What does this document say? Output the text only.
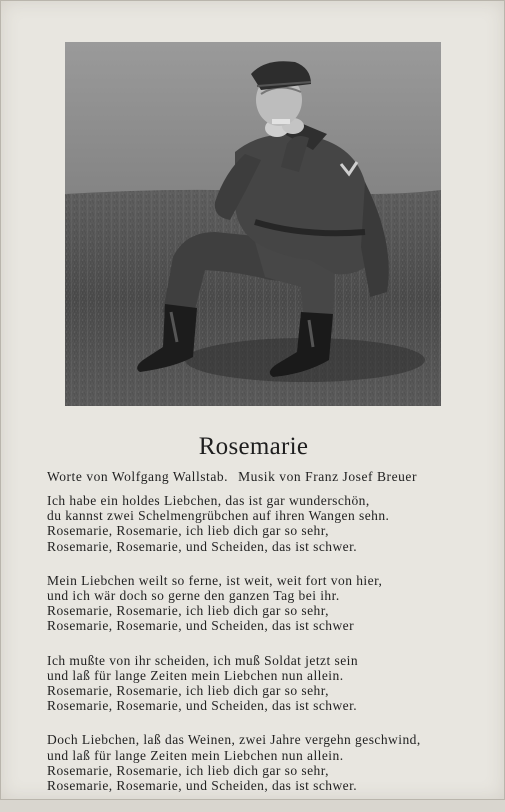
Rosemarie
Worte von Wolfgang Wallstab. Musik von Franz Josef Breuer
Ich habe ein holdes Liebchen, das ist gar wunderschön,
du kannst zwei Schelmengrübchen auf ihren Wangen sehn.
Rosemarie, Rosemarie, ich lieb dich gar so sehr,
Rosemarie, Rosemarie, und Scheiden, das ist schwer.
Mein Liebchen weilt so ferne, ist weit, weit fort von hier,
und ich wär doch so gerne den ganzen Tag bei ihr.
Rosemarie, Rosemarie, ich lieb dich gar so sehr,
Rosemarie, Rosemarie, und Scheiden, das ist schwer
Ich mußte von ihr scheiden, ich muß Soldat jetzt sein
und laß für lange Zeiten mein Liebchen nun allein.
Rosemarie, Rosemarie, ich lieb dich gar so sehr,
Rosemarie, Rosemarie, und Scheiden, das ist schwer.
Doch Liebchen, laß das Weinen, zwei Jahre vergehn geschwind,
und laß für lange Zeiten mein Liebchen nun allein.
Rosemarie, Rosemarie, ich lieb dich gar so sehr,
Rosemarie, Rosemarie, und Scheiden, das ist schwer.
